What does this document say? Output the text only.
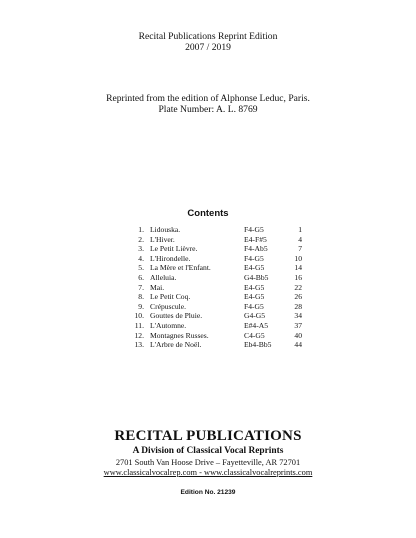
Recital Publications Reprint Edition
2007 / 2019
Reprinted from the edition of Alphonse Leduc, Paris.
Plate Number: A. L. 8769
Contents
1.	Lidouska.	F4-G5	1
2.	L'Hiver.	E4-F#5	4
3.	Le Petit Lièvre.	F4-Ab5	7
4.	L'Hirondelle.	F4-G5	10
5.	La Mère et l'Enfant.	E4-G5	14
6.	Alleluia.	G4-Bb5	16
7.	Mai.	E4-G5	22
8.	Le Petit Coq.	E4-G5	26
9.	Crépuscule.	F4-G5	28
10.	Gouttes de Pluie.	G4-G5	34
11.	L'Automne.	E#4-A5	37
12.	Montagnes Russes.	C4-G5	40
13.	L'Arbre de Noël.	Eb4-Bb5	44
RECITAL PUBLICATIONS
A Division of Classical Vocal Reprints
2701 South Van Hoose Drive – Fayetteville, AR 72701
www.classicalvocalrep.com - www.classicalvocalreprints.com
Edition No. 21239
